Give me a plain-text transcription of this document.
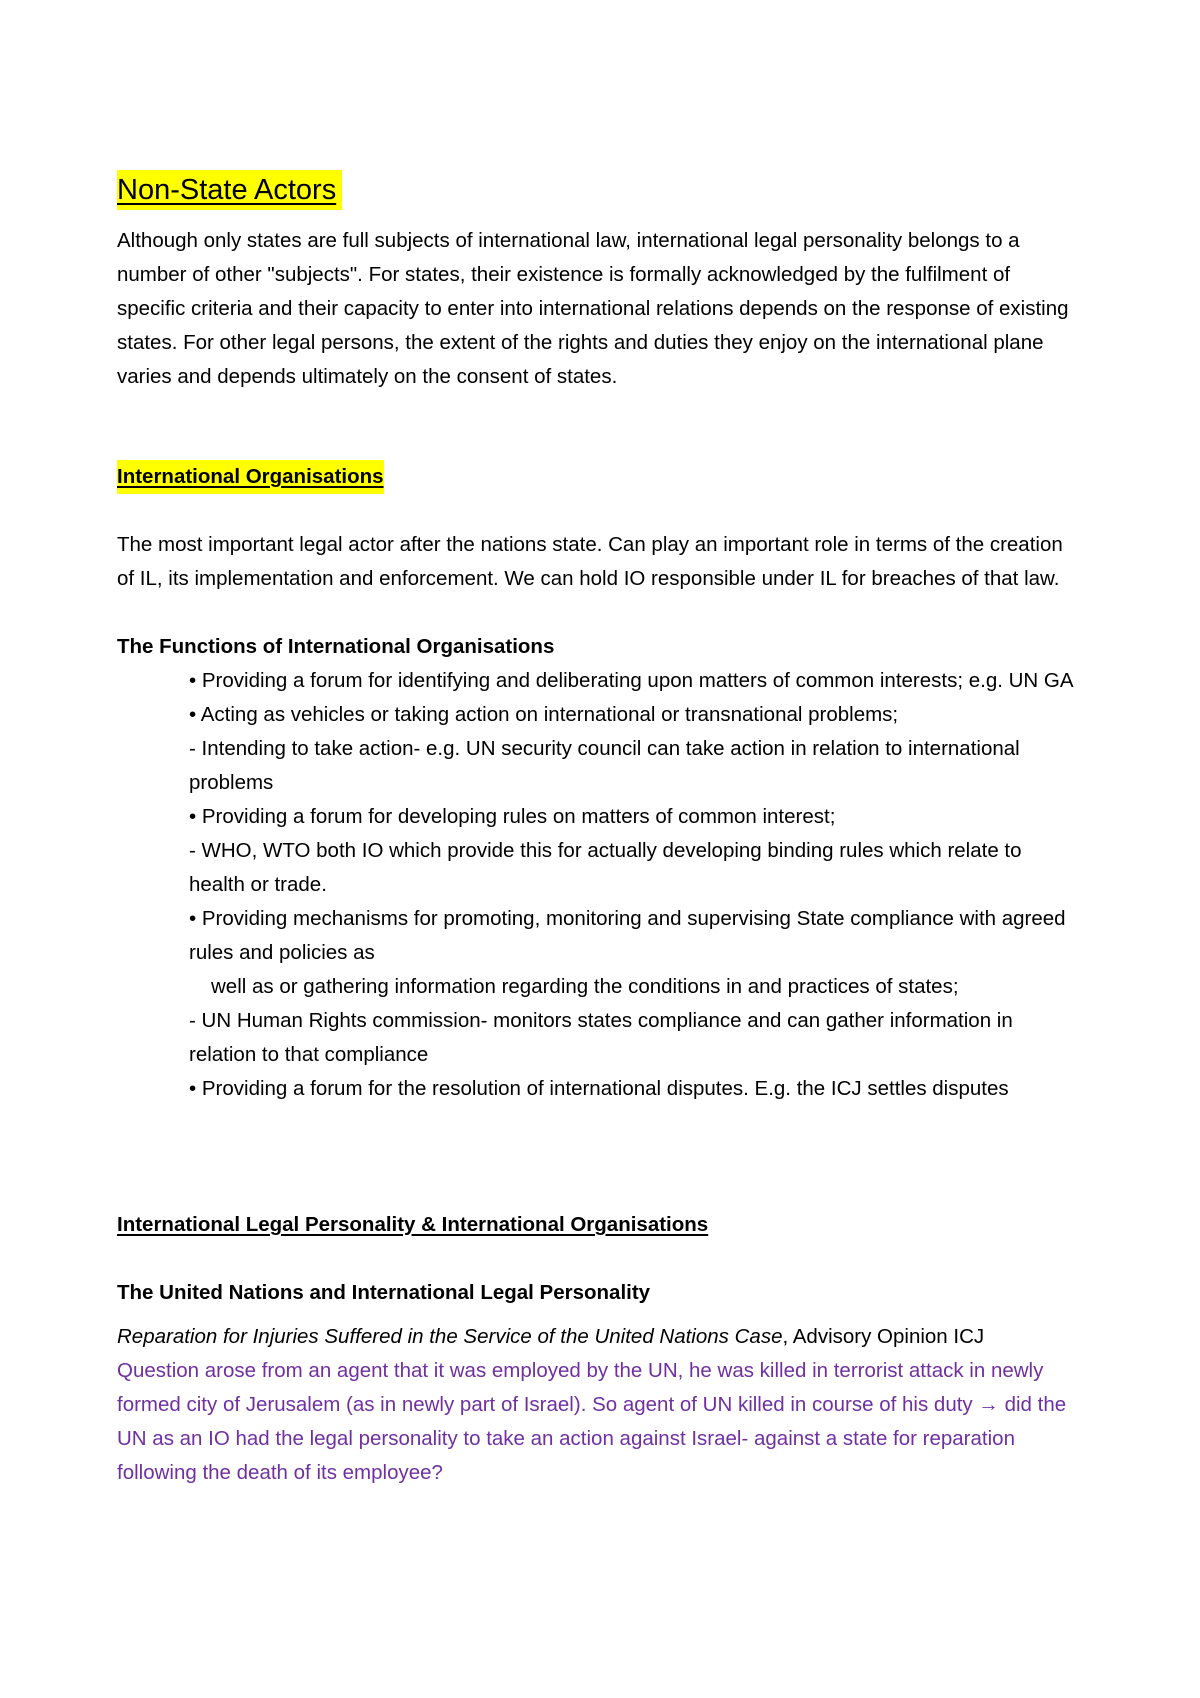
Non-State Actors

Although only states are full subjects of international law, international legal personality belongs to a number of other "subjects". For states, their existence is formally acknowledged by the fulfilment of specific criteria and their capacity to enter into international relations depends on the response of existing states. For other legal persons, the extent of the rights and duties they enjoy on the international plane varies and depends ultimately on the consent of states.

International Organisations

The most important legal actor after the nations state. Can play an important role in terms of the creation of IL, its implementation and enforcement. We can hold IO responsible under IL for breaches of that law.

The Functions of International Organisations

• Providing a forum for identifying and deliberating upon matters of common interests; e.g. UN GA
• Acting as vehicles or taking action on international or transnational problems;
- Intending to take action- e.g. UN security council can take action in relation to international problems
• Providing a forum for developing rules on matters of common interest;
- WHO, WTO both IO which provide this for actually developing binding rules which relate to health or trade.
• Providing mechanisms for promoting, monitoring and supervising State compliance with agreed rules and policies as
well as or gathering information regarding the conditions in and practices of states;
- UN Human Rights commission- monitors states compliance and can gather information in relation to that compliance
• Providing a forum for the resolution of international disputes. E.g. the ICJ settles disputes
International Legal Personality & International Organisations

The United Nations and International Legal Personality

Reparation for Injuries Suffered in the Service of the United Nations Case, Advisory Opinion ICJ

Question arose from an agent that it was employed by the UN, he was killed in terrorist attack in newly formed city of Jerusalem (as in newly part of Israel). So agent of UN killed in course of his duty → did the UN as an IO had the legal personality to take an action against Israel- against a state for reparation following the death of its employee?
